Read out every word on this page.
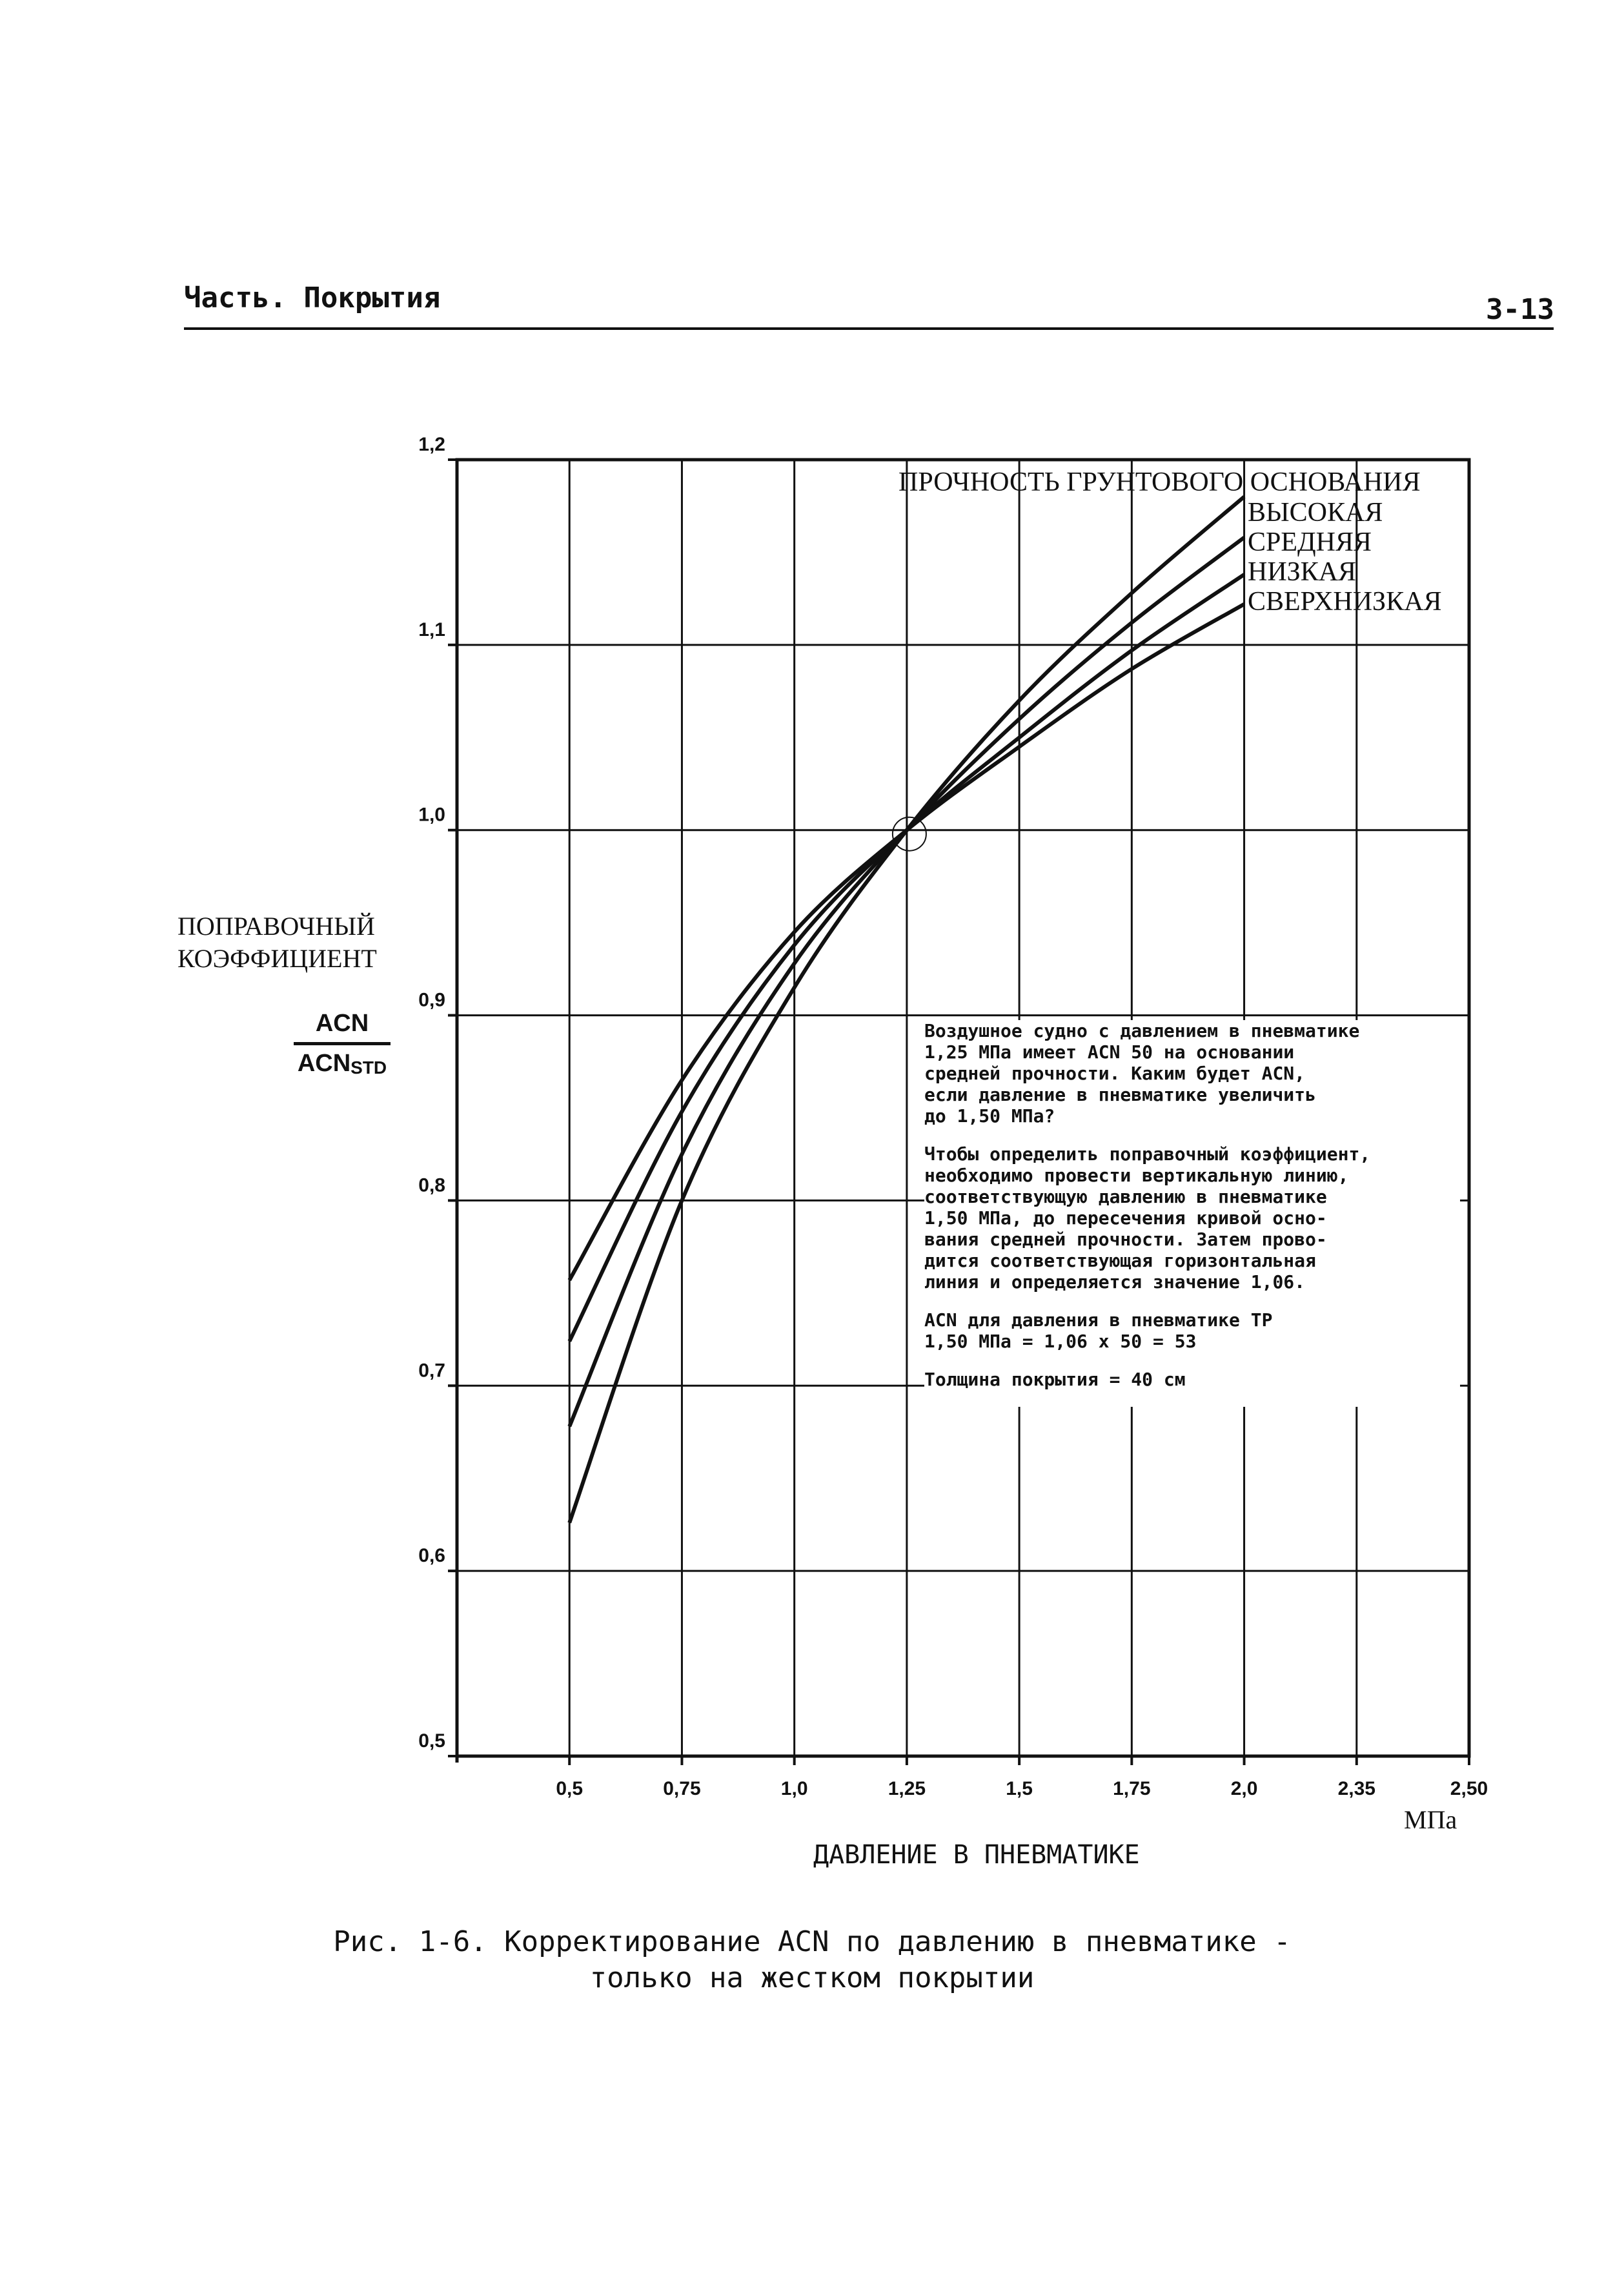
Часть. Покрытия	3-13
ПОПРАВОЧНЫЙ
КОЭФФИЦИЕНТ
ACN
$ACN_{STD}$
ПРОЧНОСТЬ ГРУНТОВОГО ОСНОВАНИЯ
ВЫСОКАЯ
СРЕДНЯЯ
НИЗКАЯ
СВЕРХНИЗКАЯ
0,5
0,6
0,7
0,8
0,9
1,0
1,1
1,2
0,5	0,75	1,0	1,25	1,5	1,75	2,0	2,35	2,50

Воздушное судно с давлением в пневматике
1,25 МПа имеет ACN 50 на основании
средней прочности. Каким будет ACN,
если давление в пневматике увеличить
до 1,50 МПа?

Чтобы определить поправочный коэффициент,
необходимо провести вертикальную линию,
соответствующую давлению в пневматике
1,50 МПа, до пересечения кривой осно-
вания средней прочности. Затем прово-
дится соответствующая горизонтальная
линия и определяется значение 1,06.

ACN для давления в пневматике ТР
1,50 МПа = 1,06 x 50 = 53

Толщина покрытия = 40 см

МПа
ДАВЛЕНИЕ В ПНЕВМАТИКЕ
Рис. 1-6. Корректирование ACN по давлению в пневматике -
только на жестком покрытии
